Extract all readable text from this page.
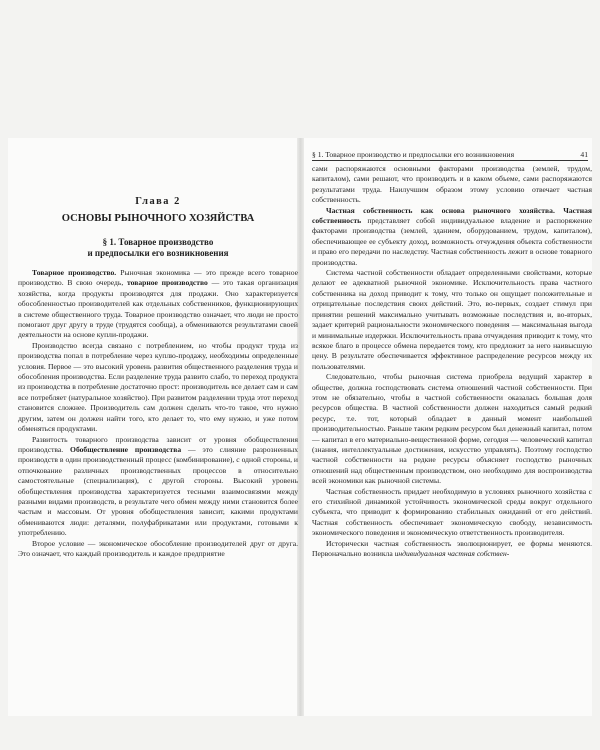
§ 1. Товарное производство и предпосылки его возникновения	41
Глава 2
ОСНОВЫ РЫНОЧНОГО ХОЗЯЙСТВА
§ 1. Товарное производство
и предпосылки его возникновения

Товарное производство. Рыночная экономика — это прежде всего товарное производство. В свою очередь, товарное производство — это такая организация хозяйства, когда продукты производятся для продажи. Оно характеризуется обособленностью производителей как отдельных собственников, функционирующих в системе общественного труда. Товарное производство означает, что люди не просто помогают друг другу в труде (трудятся сообща), а обмениваются результатами своей деятельности на основе купли-продажи.

Производство всегда связано с потреблением, но чтобы продукт труда из производства попал в потребление через куплю-продажу, необходимы определенные условия. Первое — это высокий уровень развития общественного разделения труда и обособления производства. Если разделение труда развито слабо, то переход продукта из производства в потребление достаточно прост: производитель все делает сам и сам все потребляет (натуральное хозяйство). При развитом разделении труда этот переход становится сложнее. Производитель сам должен сделать что-то такое, что нужно другим, затем он должен найти того, кто делает то, что ему нужно, и уже потом обменяться продуктами.

Развитость товарного производства зависит от уровня обобществления производства. Обобществление производства — это слияние разрозненных производств в один производственный процесс (комбинирование), с одной стороны, и отпочкование различных производственных процессов в относительно самостоятельные (специализация), с другой стороны. Высокий уровень обобществления производства характеризуется тесными взаимосвязями между разными видами производств, в результате чего обмен между ними становится более частым и массовым. От уровня обобществления зависит, какими продуктами обмениваются люди: деталями, полуфабрикатами или продуктами, готовыми к употреблению.

Второе условие — экономическое обособление производителей друг от друга. Это означает, что каждый производитель и каждое предприятие

сами распоряжаются основными факторами производства (землей, трудом, капиталом), сами решают, что производить и в каком объеме, сами распоряжаются результатами труда. Наилучшим образом этому условию отвечает частная собственность.

Частная собственность как основа рыночного хозяйства. Частная собственность представляет собой индивидуальное владение и распоряжение факторами производства (землей, зданием, оборудованием, трудом, капиталом), обеспечивающее ее субъекту доход, возможность отчуждения объекта собственности и право его передачи по наследству. Частная собственность лежит в основе товарного производства.

Система частной собственности обладает определенными свойствами, которые делают ее адекватной рыночной экономике. Исключительность права частного собственника на доход приводит к тому, что только он ощущает положительные и отрицательные последствия своих действий. Это, во-первых, создает стимул при принятии решений максимально учитывать возможные последствия и, во-вторых, задает критерий рациональности экономического поведения — максимальная выгода и минимальные издержки. Исключительность права отчуждения приводит к тому, что всякое благо в процессе обмена передается тому, кто предложит за него наивысшую цену. В результате обеспечивается эффективное распределение ресурсов между их пользователями.

Следовательно, чтобы рыночная система приобрела ведущий характер в обществе, должна господствовать система отношений частной собственности. При этом не обязательно, чтобы в частной собственности оказалась большая доля ресурсов общества. В частной собственности должен находиться самый редкий ресурс, т.е. тот, который обладает в данный момент наибольшей производительностью. Раньше таким редким ресурсом был денежный капитал, потом — капитал в его материально-вещественной форме, сегодня — человеческий капитал (знания, интеллектуальные достижения, искусство управлять). Поэтому господство частной собственности на редкие ресурсы объясняет господство рыночных отношений над общественным производством, оно необходимо для воспроизводства всей экономики как рыночной системы.

Частная собственность придает необходимую в условиях рыночного хозяйства с его стихийной динамикой устойчивость экономической среды вокруг отдельного субъекта, что приводит к формированию стабильных ожиданий от его действий. Частная собственность обеспечивает экономическую свободу, независимость экономического поведения и экономическую ответственность производителя.

Исторически частная собственность эволюционирует, ее формы меняются. Первоначально возникла индивидуальная частная собствен-
